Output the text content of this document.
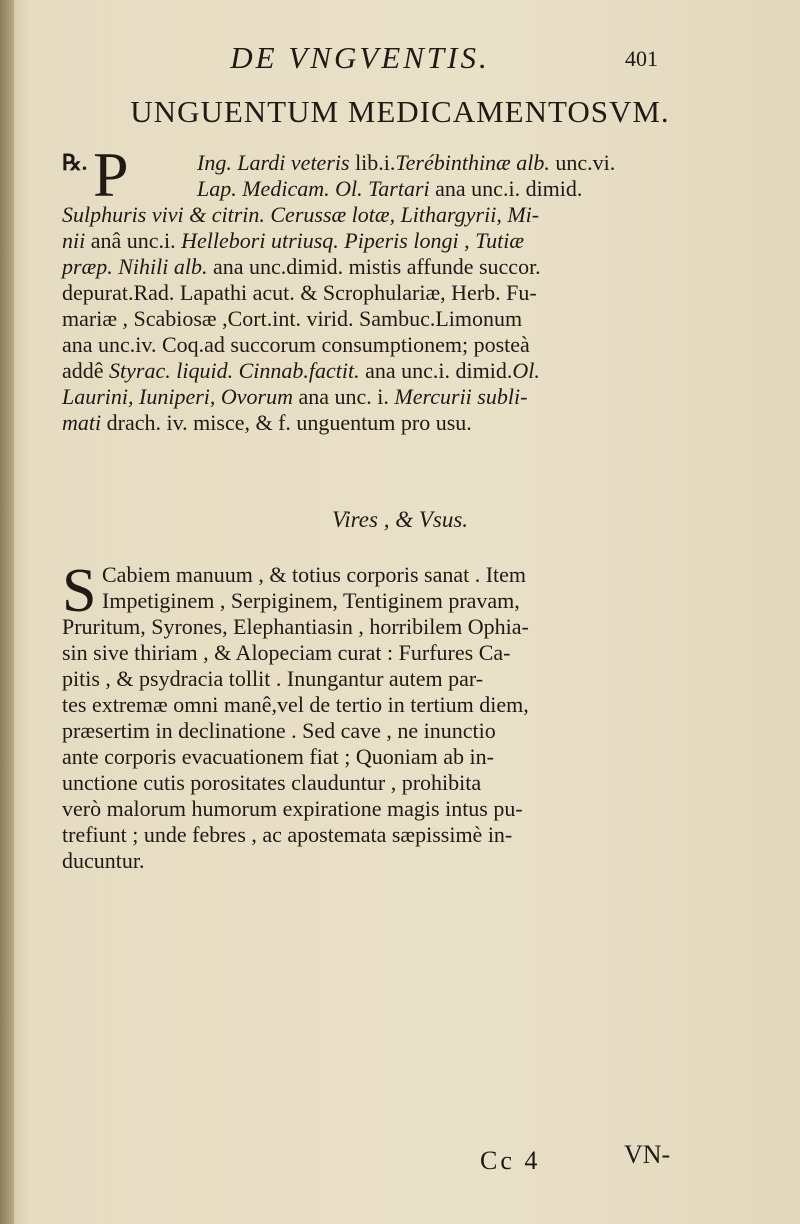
DE VNGVENTIS.	401
UNGUENTUM MEDICAMENTOSVM.
℞. P	Ing. Lardi veteris lib.i.Terébinthinæ alb. unc.vi.
Lap. Medicam. Ol. Tartari ana unc.i. dimid.
Sulphuris vivi & citrin. Cerussæ lotæ, Lithargyrii, Mi-
nii anâ unc.i. Hellebori utriusq. Piperis longi , Tutiæ
præp. Nihili alb. ana unc.dimid. mistis affunde succor.
depurat.Rad. Lapathi acut. & Scrophulariæ, Herb. Fu-
mariæ , Scabiosæ ,Cort.int. virid. Sambuc.Limonum
ana unc.iv. Coq.ad succorum consumptionem; posteà
addê Styrac. liquid. Cinnab.factit. ana unc.i. dimid.Ol.
Laurini, Iuniperi, Ovorum ana unc. i. Mercurii subli-
mati drach. iv. misce, & f. unguentum pro usu.
Vires , & Vsus.
S Cabiem manuum , & totius corporis sanat . Item
Impetiginem , Serpiginem, Tentiginem pravam,
Pruritum, Syrones, Elephantiasin , horribilem Ophia-
sin sive thiriam , & Alopeciam curat : Furfures Ca-
pitis , & psydracia tollit . Inungantur autem par-
tes extremæ omni manê,vel de tertio in tertium diem,
præsertim in declinatione . Sed cave , ne inunctio
ante corporis evacuationem fiat ; Quoniam ab in-
unctione cutis porositates clauduntur , prohibita
verò malorum humorum expiratione magis intus pu-
trefiunt ; unde febres , ac apostemata sæpissimè in-
ducuntur.
Cc 4	VN-
